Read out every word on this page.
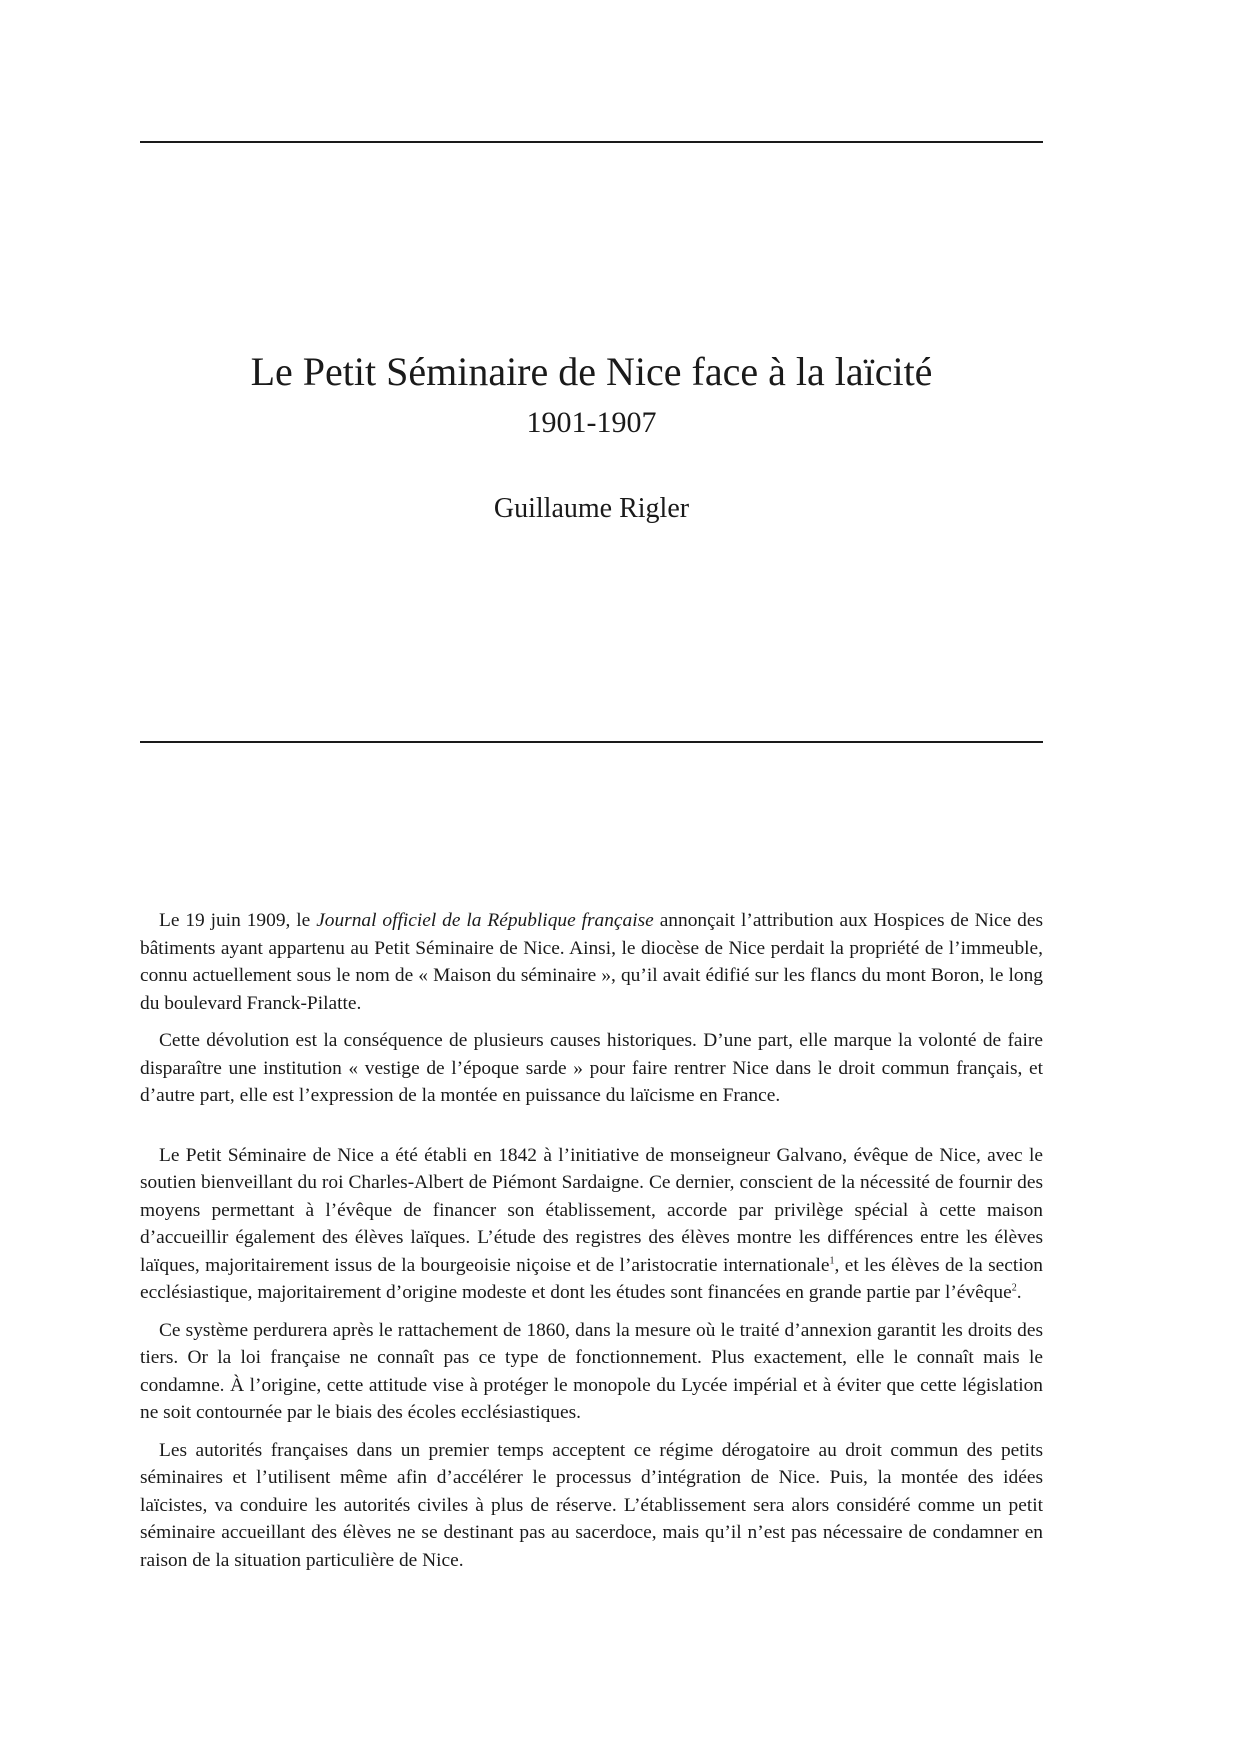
Le Petit Séminaire de Nice face à la laïcité
1901-1907
Guillaume Rigler

Le 19 juin 1909, le Journal officiel de la République française annonçait l’attribution aux Hospices de Nice des bâtiments ayant appartenu au Petit Séminaire de Nice. Ainsi, le diocèse de Nice perdait la propriété de l’immeuble, connu actuellement sous le nom de « Maison du séminaire », qu’il avait édifié sur les flancs du mont Boron, le long du boulevard Franck-Pilatte.

Cette dévolution est la conséquence de plusieurs causes historiques. D’une part, elle marque la volonté de faire disparaître une institution « vestige de l’époque sarde » pour faire rentrer Nice dans le droit commun français, et d’autre part, elle est l’expression de la montée en puissance du laïcisme en France.

Le Petit Séminaire de Nice a été établi en 1842 à l’initiative de monseigneur Galvano, évêque de Nice, avec le soutien bienveillant du roi Charles-Albert de Piémont Sardaigne. Ce dernier, conscient de la nécessité de fournir des moyens permettant à l’évêque de financer son établissement, accorde par privilège spécial à cette maison d’accueillir également des élèves laïques. L’étude des registres des élèves montre les différences entre les élèves laïques, majoritairement issus de la bourgeoisie niçoise et de l’aristocratie internationale$^1$, et les élèves de la section ecclésiastique, majoritairement d’origine modeste et dont les études sont financées en grande partie par l’évêque$^2$.

Ce système perdurera après le rattachement de 1860, dans la mesure où le traité d’annexion garantit les droits des tiers. Or la loi française ne connaît pas ce type de fonctionnement. Plus exactement, elle le connaît mais le condamne. À l’origine, cette attitude vise à protéger le monopole du Lycée impérial et à éviter que cette législation ne soit contournée par le biais des écoles ecclésiastiques.

Les autorités françaises dans un premier temps acceptent ce régime dérogatoire au droit commun des petits séminaires et l’utilisent même afin d’accélérer le processus d’intégration de Nice. Puis, la montée des idées laïcistes, va conduire les autorités civiles à plus de réserve. L’établissement sera alors considéré comme un petit séminaire accueillant des élèves ne se destinant pas au sacerdoce, mais qu’il n’est pas nécessaire de condamner en raison de la situation particulière de Nice.
